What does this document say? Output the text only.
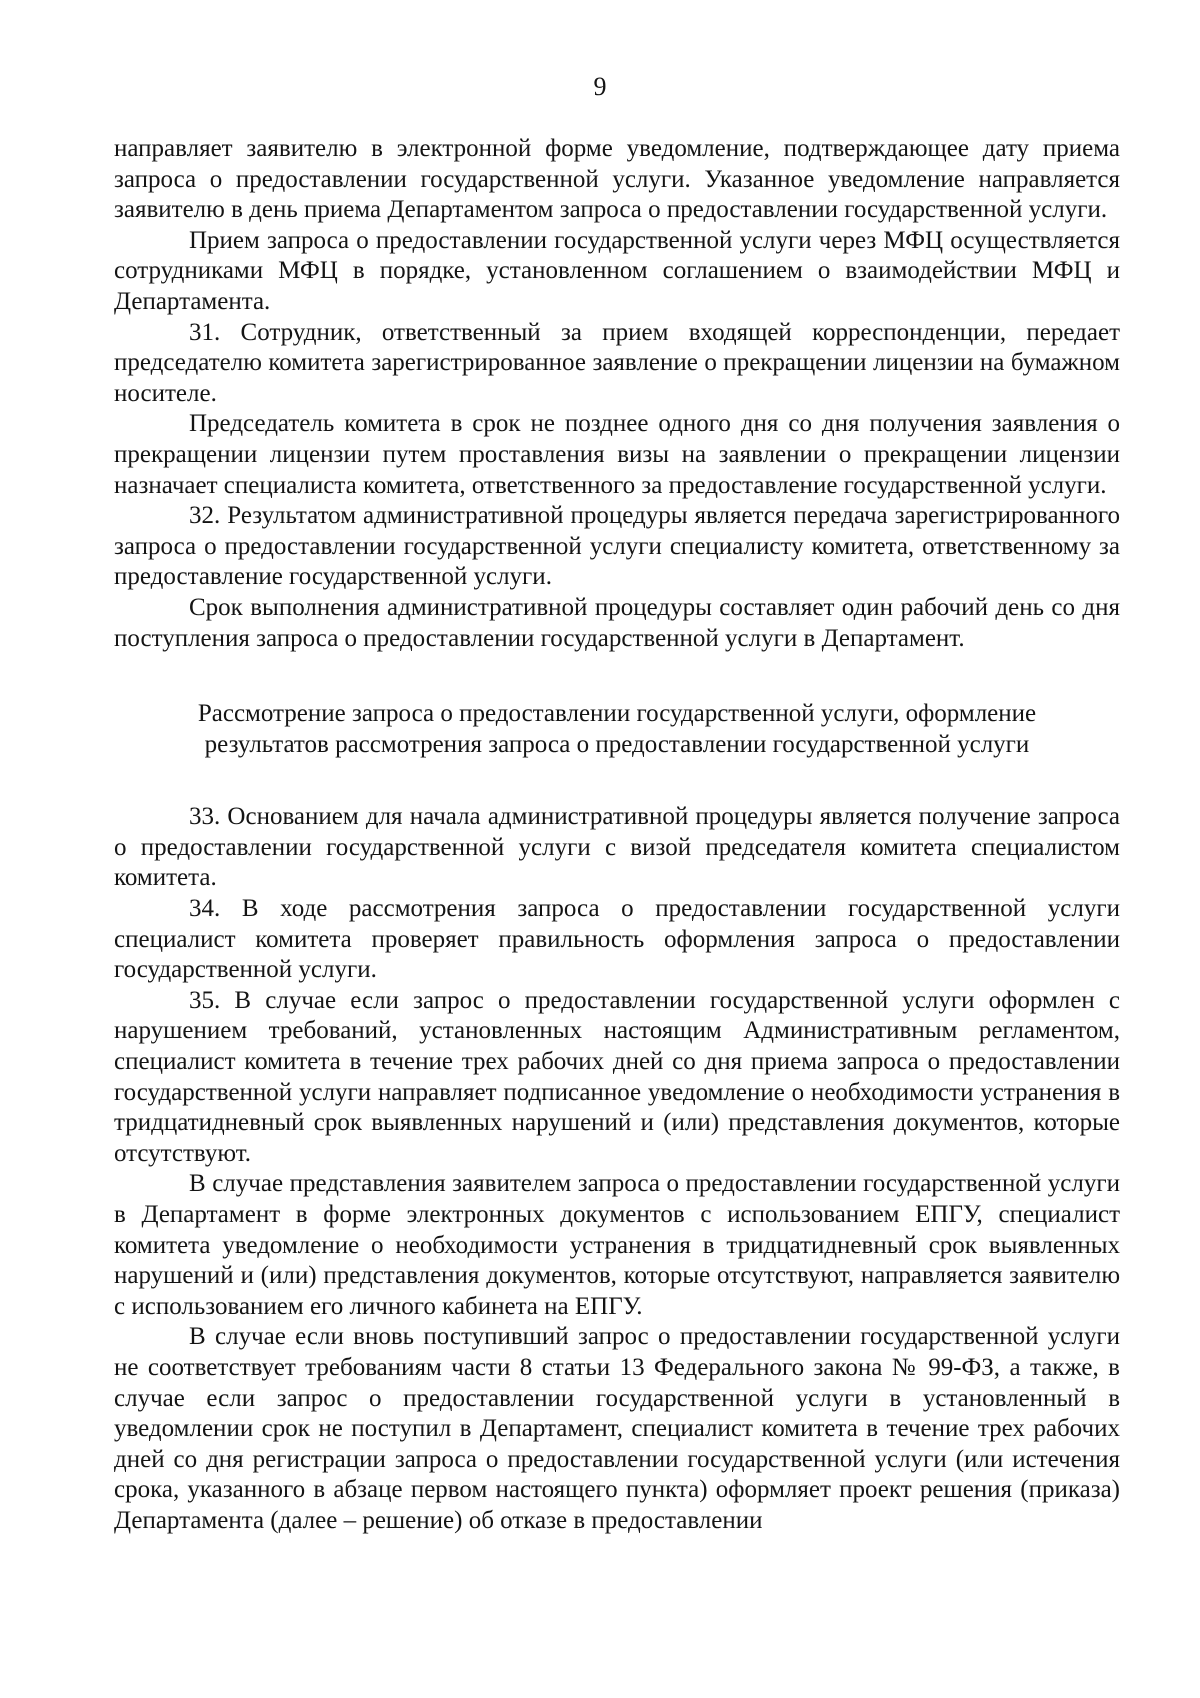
9

направляет заявителю в электронной форме уведомление, подтверждающее дату приема запроса о предоставлении государственной услуги. Указанное уведомление направляется заявителю в день приема Департаментом запроса о предоставлении государственной услуги.

Прием запроса о предоставлении государственной услуги через МФЦ осуществляется сотрудниками МФЦ в порядке, установленном соглашением о взаимодействии МФЦ и Департамента.

31. Сотрудник, ответственный за прием входящей корреспонденции, передает председателю комитета зарегистрированное заявление о прекращении лицензии на бумажном носителе.

Председатель комитета в срок не позднее одного дня со дня получения заявления о прекращении лицензии путем проставления визы на заявлении о прекращении лицензии назначает специалиста комитета, ответственного за предоставление государственной услуги.

32. Результатом административной процедуры является передача зарегистрированного запроса о предоставлении государственной услуги специалисту комитета, ответственному за предоставление государственной услуги.

Срок выполнения административной процедуры составляет один рабочий день со дня поступления запроса о предоставлении государственной услуги в Департамент.

Рассмотрение запроса о предоставлении государственной услуги, оформление
результатов рассмотрения запроса о предоставлении государственной услуги

33. Основанием для начала административной процедуры является получение запроса о предоставлении государственной услуги с визой председателя комитета специалистом комитета.

34. В ходе рассмотрения запроса о предоставлении государственной услуги специалист комитета проверяет правильность оформления запроса о предоставлении государственной услуги.

35. В случае если запрос о предоставлении государственной услуги оформлен с нарушением требований, установленных настоящим Административным регламентом, специалист комитета в течение трех рабочих дней со дня приема запроса о предоставлении государственной услуги направляет подписанное уведомление о необходимости устранения в тридцатидневный срок выявленных нарушений и (или) представления документов, которые отсутствуют.

В случае представления заявителем запроса о предоставлении государственной услуги в Департамент в форме электронных документов с использованием ЕПГУ, специалист комитета уведомление о необходимости устранения в тридцатидневный срок выявленных нарушений и (или) представления документов, которые отсутствуют, направляется заявителю с использованием его личного кабинета на ЕПГУ.

В случае если вновь поступивший запрос о предоставлении государственной услуги не соответствует требованиям части 8 статьи 13 Федерального закона № 99-ФЗ, а также, в случае если запрос о предоставлении государственной услуги в установленный в уведомлении срок не поступил в Департамент, специалист комитета в течение трех рабочих дней со дня регистрации запроса о предоставлении государственной услуги (или истечения срока, указанного в абзаце первом настоящего пункта) оформляет проект решения (приказа) Департамента (далее – решение) об отказе в предоставлении
